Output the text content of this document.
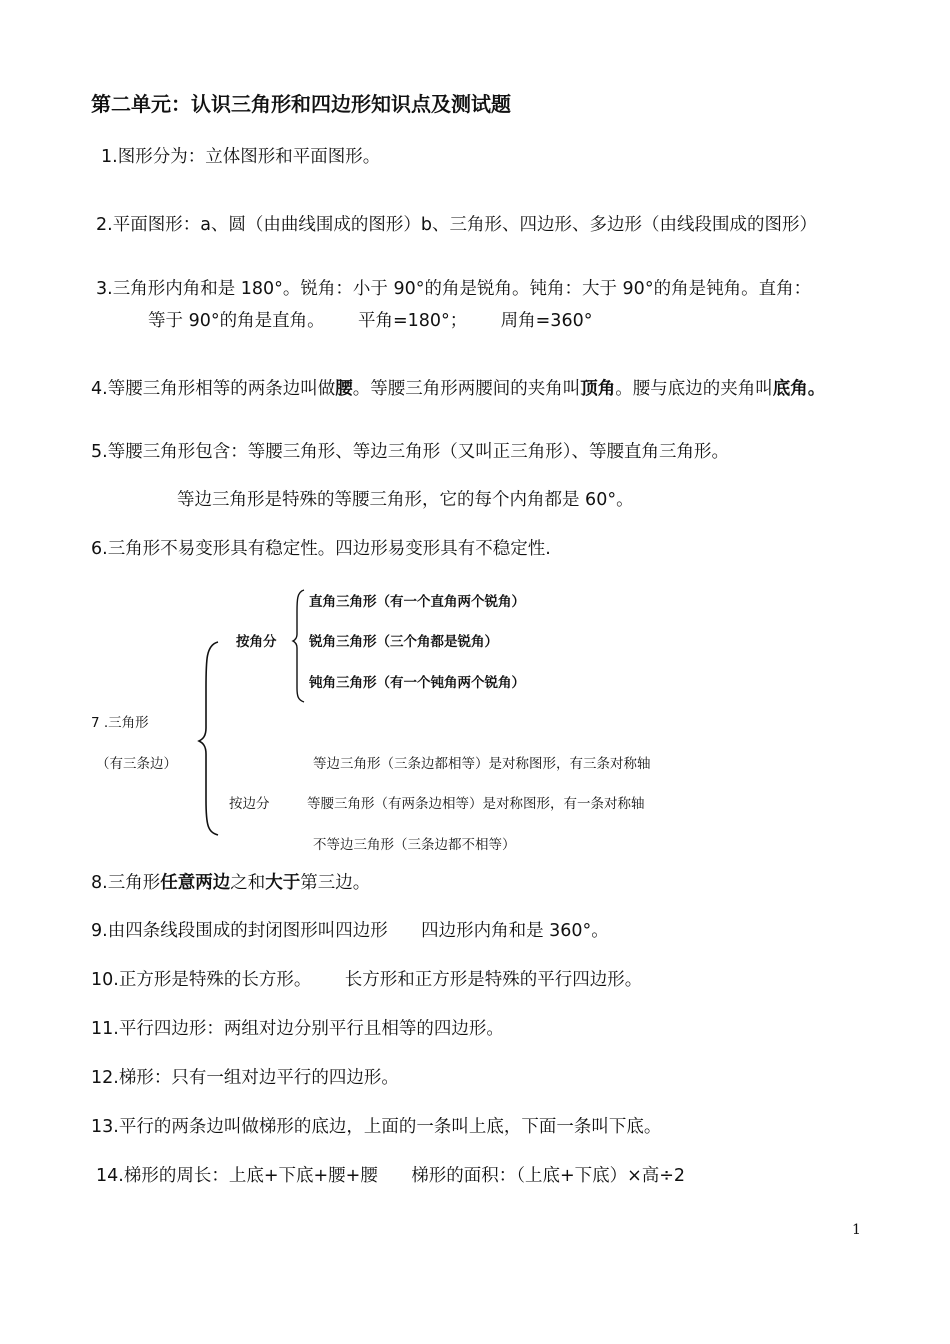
第二单元：认识三角形和四边形知识点及测试题

1.图形分为：立体图形和平面图形。

2.平面图形：a、圆（由曲线围成的图形）b、三角形、四边形、多边形（由线段围成的图形）

3.三角形内角和是 180°。锐角：小于 90°的角是锐角。钝角：大于 90°的角是钝角。直角：

等于 90°的角是直角。      平角=180°；      周角=360°

4.等腰三角形相等的两条边叫做腰。等腰三角形两腰间的夹角叫顶角。腰与底边的夹角叫底角。

5.等腰三角形包含：等腰三角形、等边三角形（又叫正三角形）、等腰直角三角形。

等边三角形是特殊的等腰三角形，它的每个内角都是 60°。

6.三角形不易变形具有稳定性。四边形易变形具有不稳定性.

7 .三角形

（有三条边）

按角分

直角三角形（有一个直角两个锐角）

锐角三角形（三个角都是锐角）

钝角三角形（有一个钝角两个锐角）

按边分

等边三角形（三条边都相等）是对称图形，有三条对称轴

等腰三角形（有两条边相等）是对称图形，有一条对称轴

不等边三角形（三条边都不相等）

8.三角形任意两边之和大于第三边。

9.由四条线段围成的封闭图形叫四边形      四边形内角和是 360°。

10.正方形是特殊的长方形。      长方形和正方形是特殊的平行四边形。

11.平行四边形：两组对边分别平行且相等的四边形。

12.梯形：只有一组对边平行的四边形。

13.平行的两条边叫做梯形的底边，上面的一条叫上底，下面一条叫下底。

14.梯形的周长：上底+下底+腰+腰      梯形的面积：（上底+下底）×高÷2

1
